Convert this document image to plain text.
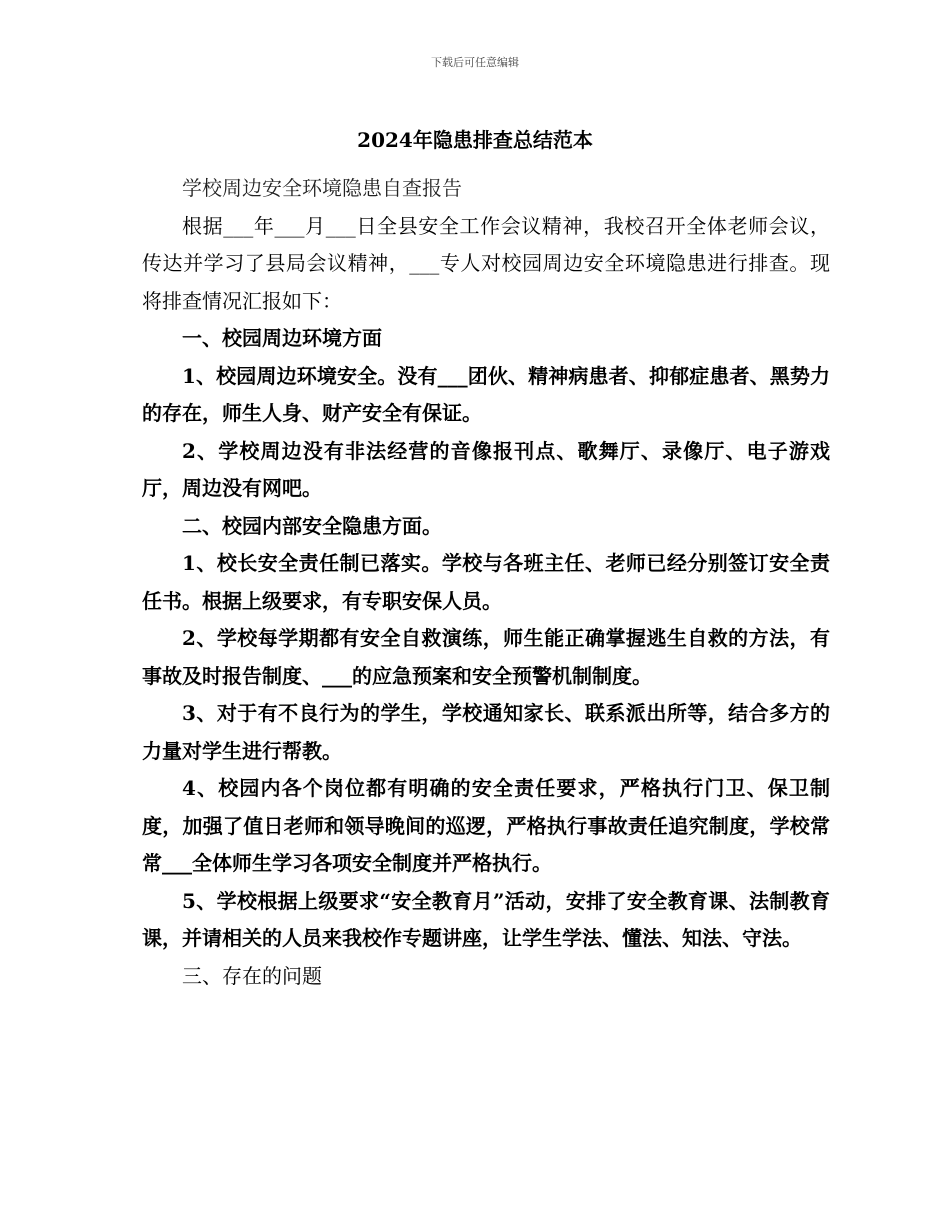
下载后可任意编辑
2024年隐患排查总结范本

学校周边安全环境隐患自查报告

根据___年___月___日全县安全工作会议精神，我校召开全体老师会议，传达并学习了县局会议精神，___专人对校园周边安全环境隐患进行排查。现将排查情况汇报如下：

一、校园周边环境方面

1、校园周边环境安全。没有___团伙、精神病患者、抑郁症患者、黑势力的存在，师生人身、财产安全有保证。

2、学校周边没有非法经营的音像报刊点、歌舞厅、录像厅、电子游戏厅，周边没有网吧。

二、校园内部安全隐患方面。

1、校长安全责任制已落实。学校与各班主任、老师已经分别签订安全责任书。根据上级要求，有专职安保人员。

2、学校每学期都有安全自救演练，师生能正确掌握逃生自救的方法，有事故及时报告制度、___的应急预案和安全预警机制制度。

3、对于有不良行为的学生，学校通知家长、联系派出所等，结合多方的力量对学生进行帮教。

4、校园内各个岗位都有明确的安全责任要求，严格执行门卫、保卫制度，加强了值日老师和领导晚间的巡逻，严格执行事故责任追究制度，学校常常___全体师生学习各项安全制度并严格执行。

5、学校根据上级要求“安全教育月”活动，安排了安全教育课、法制教育课，并请相关的人员来我校作专题讲座，让学生学法、懂法、知法、守法。

三、存在的问题
